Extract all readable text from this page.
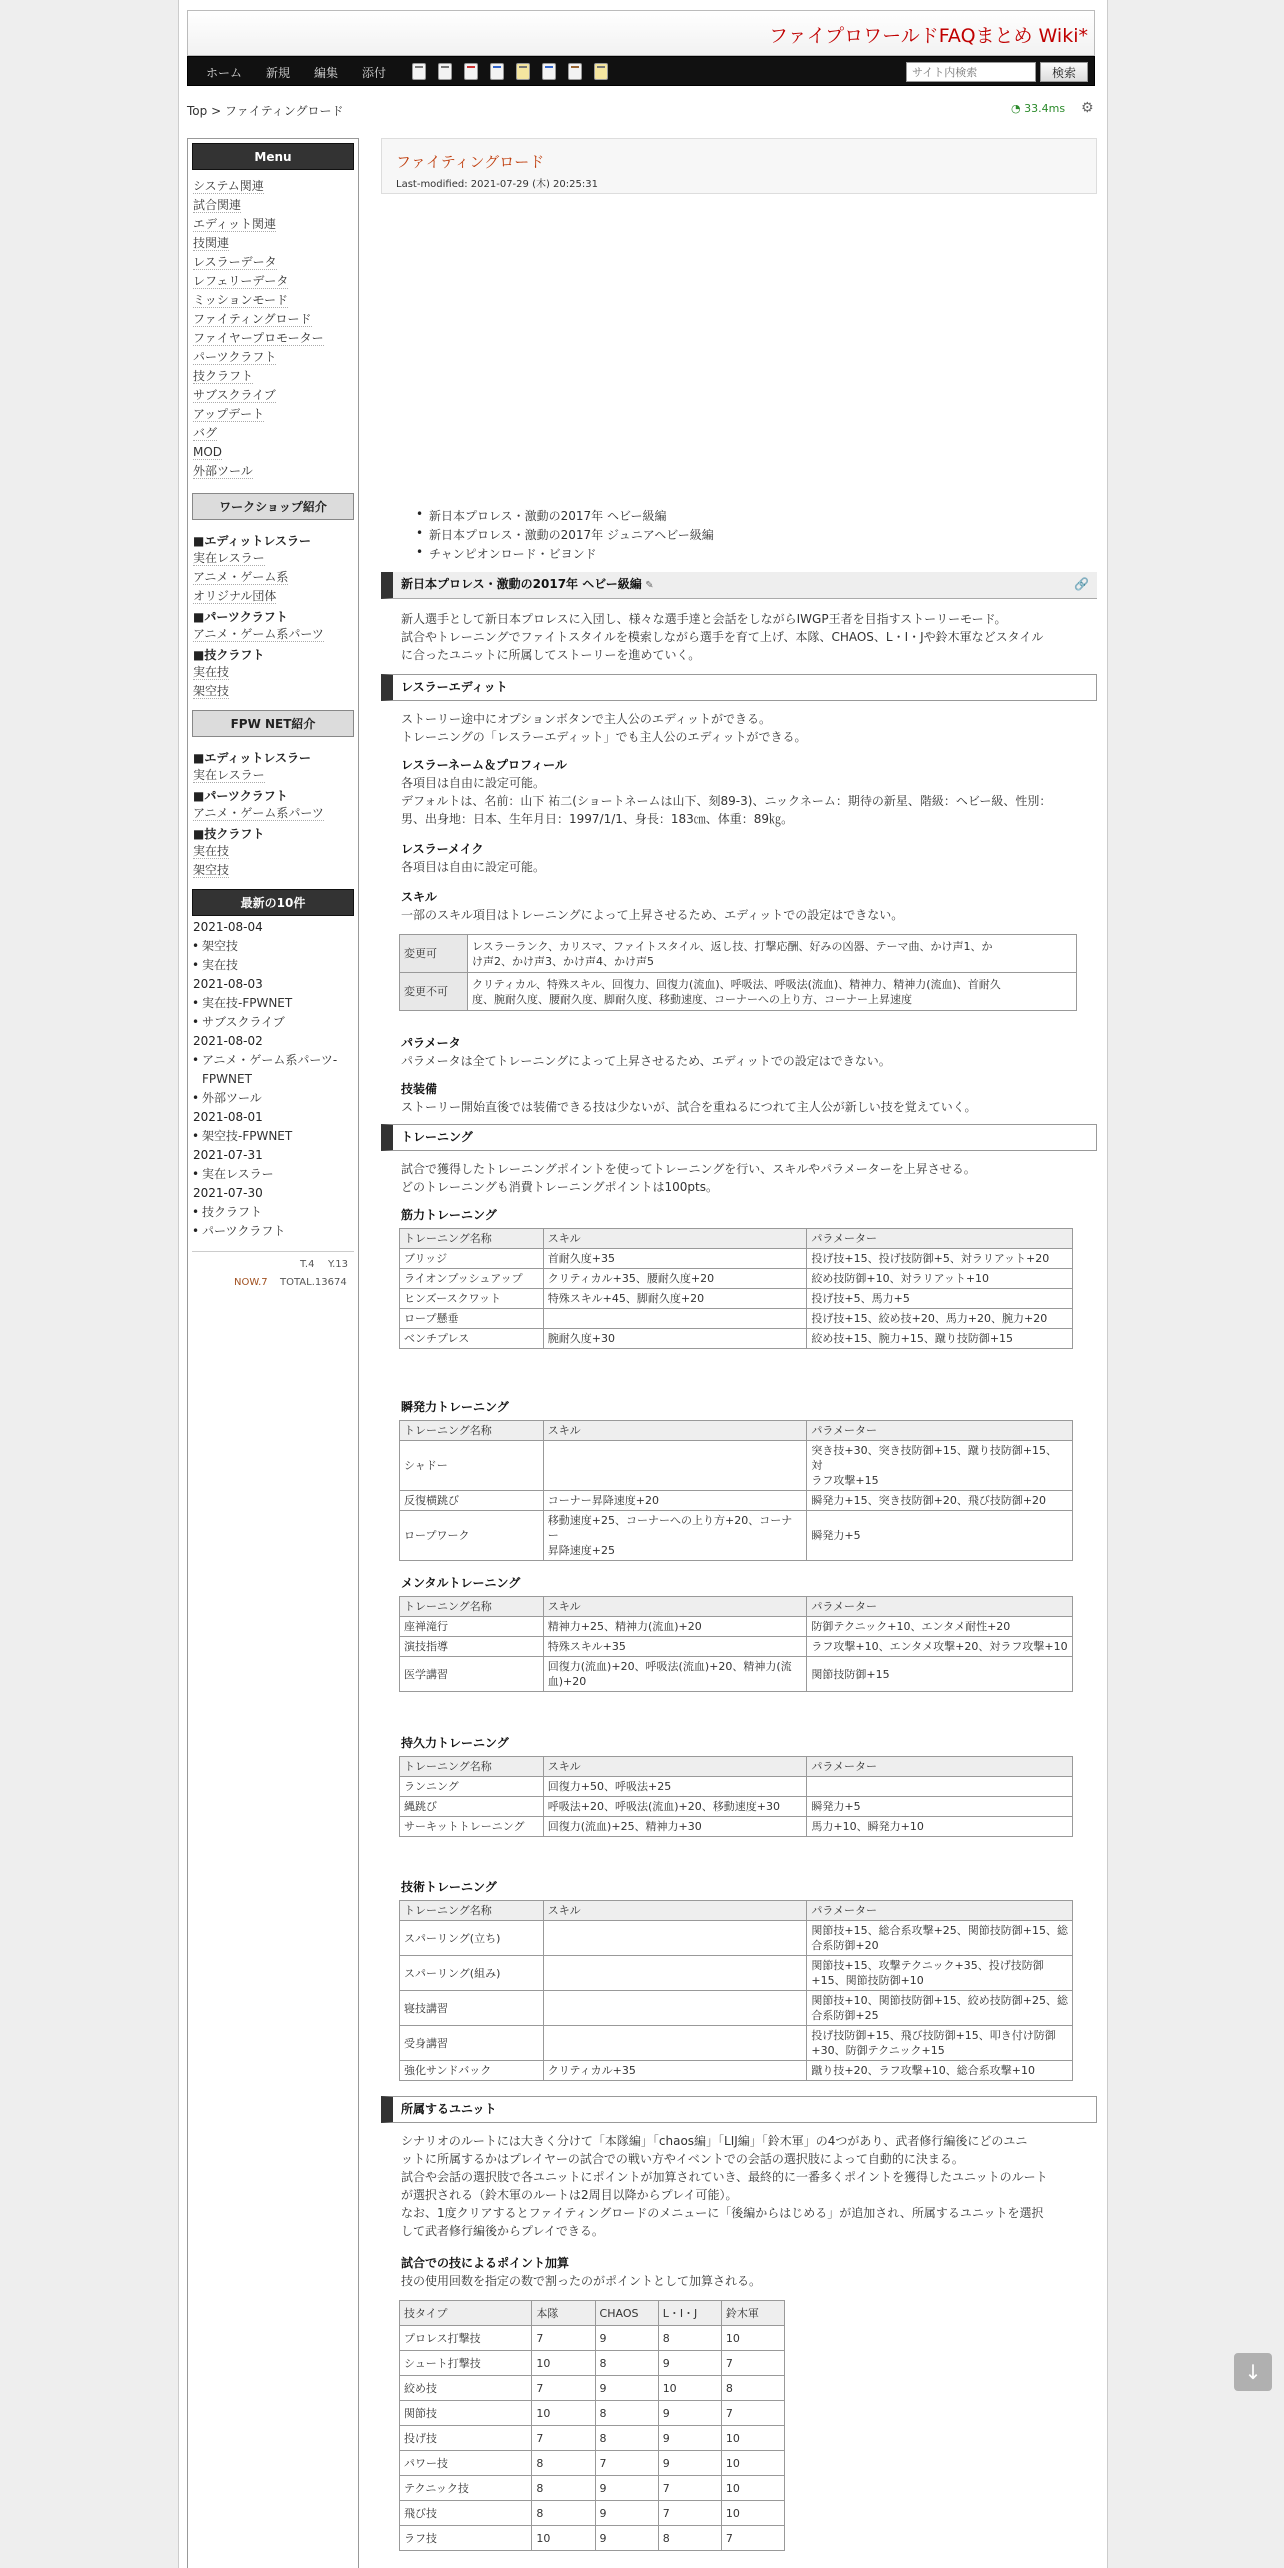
ファイプロワールドFAQまとめ Wiki*
ホーム 新規 編集 添付
サイト内検索	検索
Top > ファイティングロード	◔ 33.4ms ⚙
Menu
システム関連
試合関連
エディット関連
技関連
レスラーデータ
レフェリーデータ
ミッションモード
ファイティングロード
ファイヤープロモーター
パーツクラフト
技クラフト
サブスクライブ
アップデート
バグ
MOD
外部ツール
ワークショップ紹介
■エディットレスラー
実在レスラー
アニメ・ゲーム系
オリジナル団体
■パーツクラフト
アニメ・ゲーム系パーツ
■技クラフト
実在技
架空技
FPW NET紹介
■エディットレスラー
実在レスラー
■パーツクラフト
アニメ・ゲーム系パーツ
■技クラフト
実在技
架空技
最新の10件
2021-08-04
• 架空技
• 実在技
2021-08-03
• 実在技-FPWNET
• サブスクライブ
2021-08-02
• アニメ・ゲーム系パーツ-FPWNET
• 外部ツール
2021-08-01
• 架空技-FPWNET
2021-07-31
• 実在レスラー
2021-07-30
• 技クラフト
• パーツクラフト
T.4 Y.13
NOW.7 TOTAL.13674
ファイティングロード
Last-modified: 2021-07-29 (木) 20:25:31
• 新日本プロレス・激動の2017年 ヘビー級編
• 新日本プロレス・激動の2017年 ジュニアヘビー級編
• チャンピオンロード・ビヨンド
新日本プロレス・激動の2017年 ヘビー級編 ✎	🔗
新人選手として新日本プロレスに入団し、様々な選手達と会話をしながらIWGP王者を目指すストーリーモード。
試合やトレーニングでファイトスタイルを模索しながら選手を育て上げ、本隊、CHAOS、L・I・Jや鈴木軍などスタイル
に合ったユニットに所属してストーリーを進めていく。
レスラーエディット
ストーリー途中にオプションボタンで主人公のエディットができる。
トレーニングの「レスラーエディット」でも主人公のエディットができる。
レスラーネーム＆プロフィール
各項目は自由に設定可能。
デフォルトは、名前：山下 祐二(ショートネームは山下、刻89-3)、ニックネーム：期待の新星、階級：ヘビー級、性別：
男、出身地：日本、生年月日：1997/1/1、身長：183㎝、体重：89㎏。
レスラーメイク
各項目は自由に設定可能。
スキル
一部のスキル項目はトレーニングによって上昇させるため、エディットでの設定はできない。
変更可	レスラーランク、カリスマ、ファイトスタイル、返し技、打撃応酬、好みの凶器、テーマ曲、かけ声1、か
け声2、かけ声3、かけ声4、かけ声5

変更不可	クリティカル、特殊スキル、回復力、回復力(流血)、呼吸法、呼吸法(流血)、精神力、精神力(流血)、首耐久
度、腕耐久度、腰耐久度、脚耐久度、移動速度、コーナーへの上り方、コーナー上昇速度
パラメータ
パラメータは全てトレーニングによって上昇させるため、エディットでの設定はできない。
技装備
ストーリー開始直後では装備できる技は少ないが、試合を重ねるにつれて主人公が新しい技を覚えていく。
トレーニング
試合で獲得したトレーニングポイントを使ってトレーニングを行い、スキルやパラメーターを上昇させる。
どのトレーニングも消費トレーニングポイントは100pts。
筋力トレーニング
トレーニング名称	スキル	パラメーター
ブリッジ	首耐久度+35	投げ技+15、投げ技防御+5、対ラリアット+20

ライオンプッシュアップ	クリティカル+35、腰耐久度+20	絞め技防御+10、対ラリアット+10

ヒンズースクワット	特殊スキル+45、脚耐久度+20	投げ技+5、馬力+5

ロープ懸垂		投げ技+15、絞め技+20、馬力+20、腕力+20

ベンチプレス	腕耐久度+30	絞め技+15、腕力+15、蹴り技防御+15
瞬発力トレーニング
トレーニング名称	スキル	パラメーター
シャドー		突き技+30、突き技防御+15、蹴り技防御+15、対
ラフ攻撃+15

反復横跳び	コーナー昇降速度+20	瞬発力+15、突き技防御+20、飛び技防御+20

ロープワーク	移動速度+25、コーナーへの上り方+20、コーナー
昇降速度+25	瞬発力+5
メンタルトレーニング
トレーニング名称	スキル	パラメーター
座禅滝行	精神力+25、精神力(流血)+20	防御テクニック+10、エンタメ耐性+20

演技指導	特殊スキル+35	ラフ攻撃+10、エンタメ攻撃+20、対ラフ攻撃+10

医学講習	回復力(流血)+20、呼吸法(流血)+20、精神力(流
血)+20	関節技防御+15
持久力トレーニング
トレーニング名称	スキル	パラメーター
ランニング	回復力+50、呼吸法+25	

縄跳び	呼吸法+20、呼吸法(流血)+20、移動速度+30	瞬発力+5

サーキットトレーニング	回復力(流血)+25、精神力+30	馬力+10、瞬発力+10
技術トレーニング
トレーニング名称	スキル	パラメーター
スパーリング(立ち)		関節技+15、総合系攻撃+25、関節技防御+15、総
合系防御+20

スパーリング(組み)		関節技+15、攻撃テクニック+35、投げ技防御
+15、関節技防御+10

寝技講習		関節技+10、関節技防御+15、絞め技防御+25、総
合系防御+25

受身講習		投げ技防御+15、飛び技防御+15、叩き付け防御
+30、防御テクニック+15

強化サンドバック	クリティカル+35	蹴り技+20、ラフ攻撃+10、総合系攻撃+10
所属するユニット
シナリオのルートには大きく分けて「本隊編」「chaos編」「LIJ編」「鈴木軍」の4つがあり、武者修行編後にどのユニ
ットに所属するかはプレイヤーの試合での戦い方やイベントでの会話の選択肢によって自動的に決まる。
試合や会話の選択肢で各ユニットにポイントが加算されていき、最終的に一番多くポイントを獲得したユニットのルート
が選択される（鈴木軍のルートは2周目以降からプレイ可能）。
なお、1度クリアするとファイティングロードのメニューに「後編からはじめる」が追加され、所属するユニットを選択
して武者修行編後からプレイできる。
試合での技によるポイント加算
技の使用回数を指定の数で割ったのがポイントとして加算される。
技タイプ	本隊	CHAOS	L・I・J	鈴木軍
プロレス打撃技	7	9	8	10
シュート打撃技	10	8	9	7
絞め技	7	9	10	8
関節技	10	8	9	7
投げ技	7	8	9	10
パワー技	8	7	9	10
テクニック技	8	9	7	10
飛び技	8	9	7	10
ラフ技	10	9	8	7
↓
